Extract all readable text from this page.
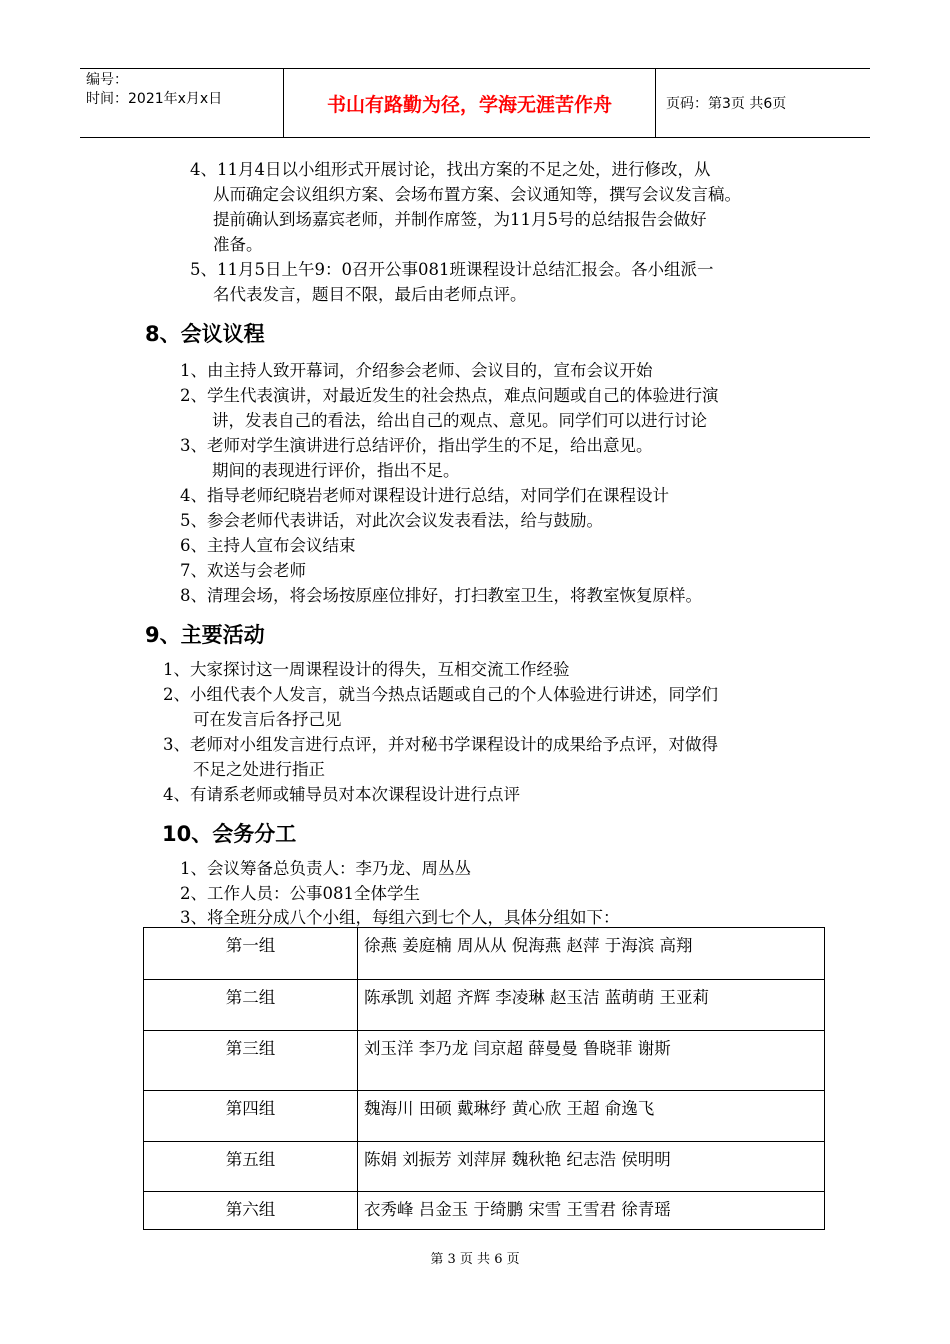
编号：
时间：2021年x月x日	书山有路勤为径，学海无涯苦作舟	页码：第3页 共6页
4、11月4日以小组形式开展讨论，找出方案的不足之处，进行修改，从
从而确定会议组织方案、会场布置方案、会议通知等，撰写会议发言稿。
提前确认到场嘉宾老师，并制作席签，为11月5号的总结报告会做好
准备。
5、11月5日上午9：0召开公事081班课程设计总结汇报会。各小组派一
名代表发言，题目不限，最后由老师点评。
8、会议议程
1、由主持人致开幕词，介绍参会老师、会议目的，宣布会议开始
2、学生代表演讲，对最近发生的社会热点，难点问题或自己的体验进行演
讲，发表自己的看法，给出自己的观点、意见。同学们可以进行讨论
3、老师对学生演讲进行总结评价，指出学生的不足，给出意见。
期间的表现进行评价，指出不足。
4、指导老师纪晓岩老师对课程设计进行总结，对同学们在课程设计
5、参会老师代表讲话，对此次会议发表看法，给与鼓励。
6、主持人宣布会议结束
7、欢送与会老师
8、清理会场，将会场按原座位排好，打扫教室卫生，将教室恢复原样。
9、主要活动
1、大家探讨这一周课程设计的得失，互相交流工作经验
2、小组代表个人发言，就当今热点话题或自己的个人体验进行讲述，同学们
可在发言后各抒己见
3、老师对小组发言进行点评，并对秘书学课程设计的成果给予点评，对做得
不足之处进行指正
4、有请系老师或辅导员对本次课程设计进行点评
10、会务分工
1、会议筹备总负责人：李乃龙、周丛丛
2、工作人员：公事081全体学生
3、将全班分成八个小组，每组六到七个人，具体分组如下：
第一组	徐燕 姜庭楠 周从从 倪海燕 赵萍 于海滨 高翔
第二组	陈承凯 刘超 齐辉 李凌琳 赵玉洁 蓝萌萌 王亚莉
第三组	刘玉洋 李乃龙 闫京超 薛曼曼 鲁晓菲 谢斯
第四组	魏海川 田硕 戴琳纾 黄心欣 王超 俞逸飞
第五组	陈娟 刘振芳 刘萍屏 魏秋艳 纪志浩 侯明明
第六组	衣秀峰 吕金玉 于绮鹏 宋雪 王雪君 徐青瑶
第 3 页 共 6 页
